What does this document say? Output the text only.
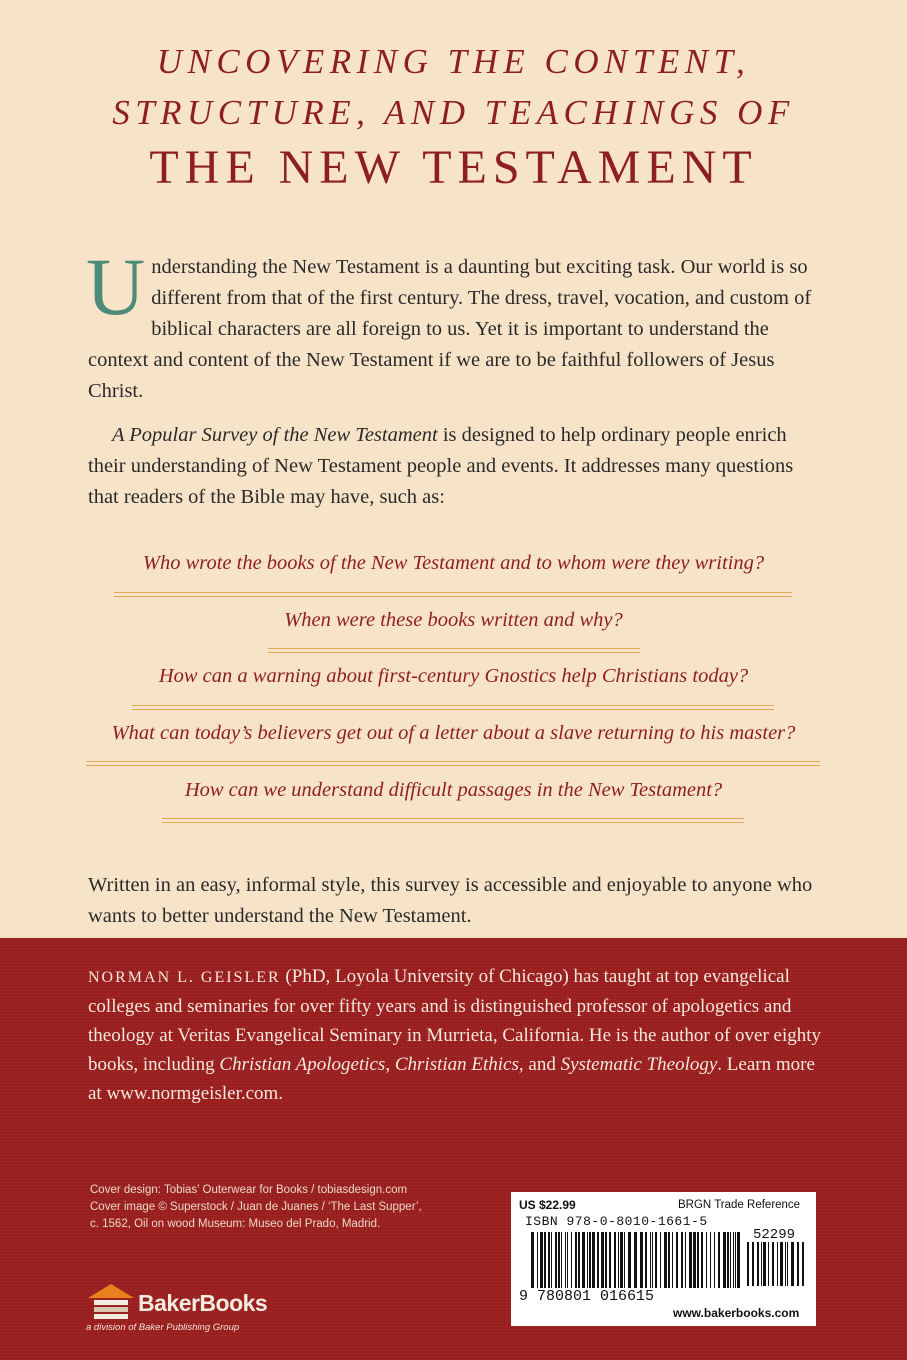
UNCOVERING THE CONTENT,
STRUCTURE, AND TEACHINGS OF
THE NEW TESTAMENT
Understanding the New Testament is a daunting but exciting task. Our world is so different from that of the first century. The dress, travel, vocation, and custom of biblical characters are all foreign to us. Yet it is important to understand the context and content of the New Testament if we are to be faithful followers of Jesus Christ.
A Popular Survey of the New Testament is designed to help ordinary people enrich their understanding of New Testament people and events. It addresses many questions that readers of the Bible may have, such as:
Who wrote the books of the New Testament and to whom were they writing?
When were these books written and why?
How can a warning about first-century Gnostics help Christians today?
What can today’s believers get out of a letter about a slave returning to his master?
How can we understand difficult passages in the New Testament?
Written in an easy, informal style, this survey is accessible and enjoyable to anyone who wants to better understand the New Testament.
NORMAN L. GEISLER (PhD, Loyola University of Chicago) has taught at top evangelical colleges and seminaries for over fifty years and is distinguished professor of apologetics and theology at Veritas Evangelical Seminary in Murrieta, California. He is the author of over eighty books, including Christian Apologetics, Christian Ethics, and Systematic Theology. Learn more at www.normgeisler.com.
Cover design: Tobias’ Outerwear for Books / tobiasdesign.com
Cover image © Superstock / Juan de Juanes / ‘The Last Supper’,
c. 1562, Oil on wood Museum: Museo del Prado, Madrid.
BakerBooks
a division of Baker Publishing Group
US $22.99	BRGN Trade Reference
ISBN 978-0-8010-1661-5
52299
9 780801 016615
www.bakerbooks.com
